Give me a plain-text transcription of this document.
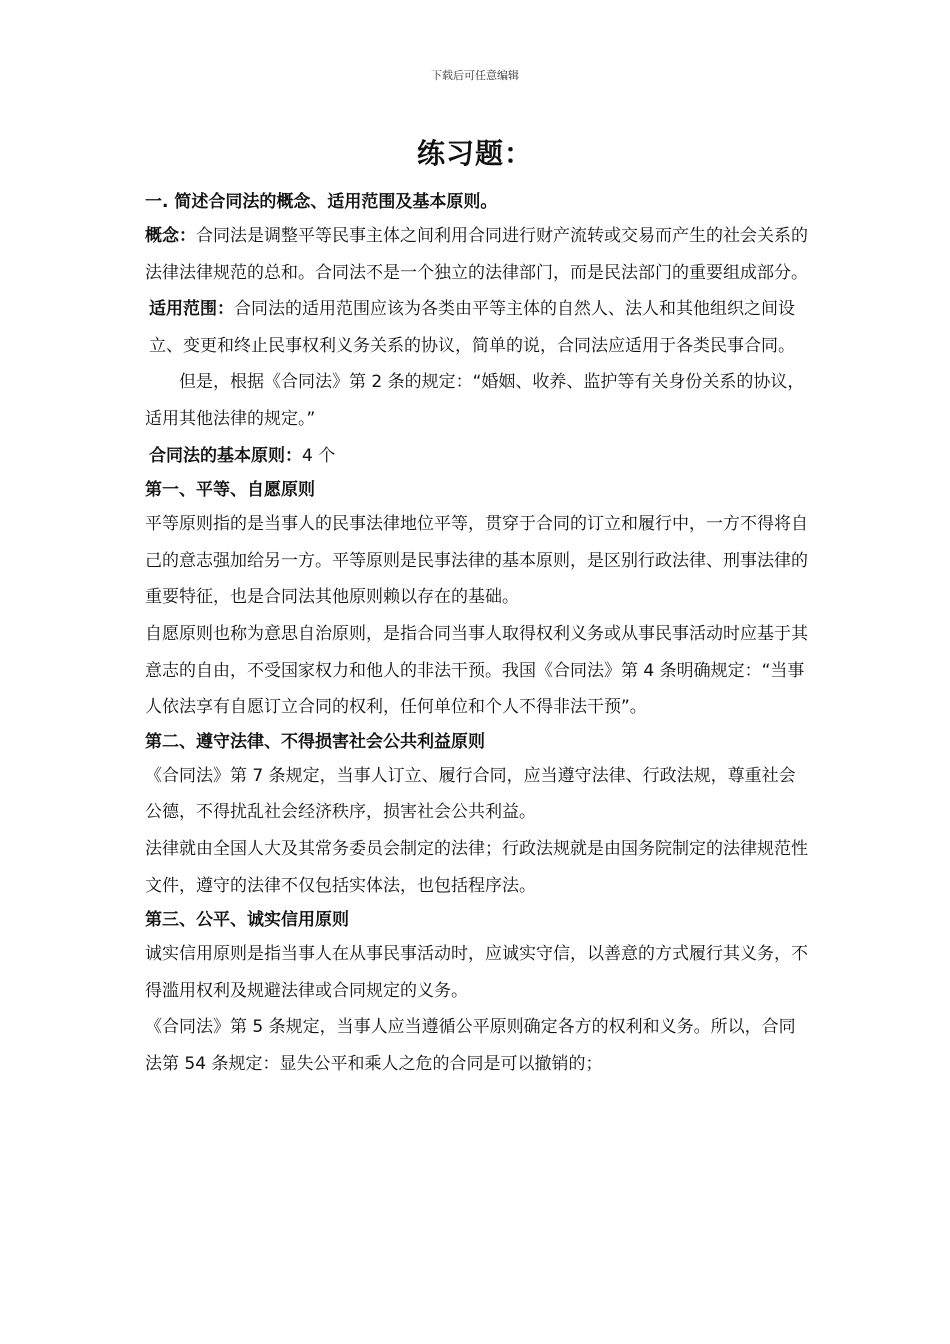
下载后可任意编辑
练习题：

一. 简述合同法的概念、适用范围及基本原则。

概念：合同法是调整平等民事主体之间利用合同进行财产流转或交易而产生的社会关系的法律法律规范的总和。合同法不是一个独立的法律部门，而是民法部门的重要组成部分。

适用范围：合同法的适用范围应该为各类由平等主体的自然人、法人和其他组织之间设立、变更和终止民事权利义务关系的协议，简单的说，合同法应适用于各类民事合同。

但是，根据《合同法》第 2 条的规定：“婚姻、收养、监护等有关身份关系的协议，适用其他法律的规定。”

合同法的基本原则：4 个

第一、平等、自愿原则

平等原则指的是当事人的民事法律地位平等，贯穿于合同的订立和履行中，一方不得将自己的意志强加给另一方。平等原则是民事法律的基本原则，是区别行政法律、刑事法律的重要特征，也是合同法其他原则赖以存在的基础。

自愿原则也称为意思自治原则，是指合同当事人取得权利义务或从事民事活动时应基于其意志的自由，不受国家权力和他人的非法干预。我国《合同法》第 4 条明确规定：“当事人依法享有自愿订立合同的权利，任何单位和个人不得非法干预”。

第二、遵守法律、不得损害社会公共利益原则

《合同法》第 7 条规定，当事人订立、履行合同，应当遵守法律、行政法规，尊重社会公德，不得扰乱社会经济秩序，损害社会公共利益。

法律就由全国人大及其常务委员会制定的法律；行政法规就是由国务院制定的法律规范性文件，遵守的法律不仅包括实体法，也包括程序法。

第三、公平、诚实信用原则

诚实信用原则是指当事人在从事民事活动时，应诚实守信，以善意的方式履行其义务，不得滥用权利及规避法律或合同规定的义务。

《合同法》第 5 条规定，当事人应当遵循公平原则确定各方的权利和义务。所以，合同法第 54 条规定：显失公平和乘人之危的合同是可以撤销的；
